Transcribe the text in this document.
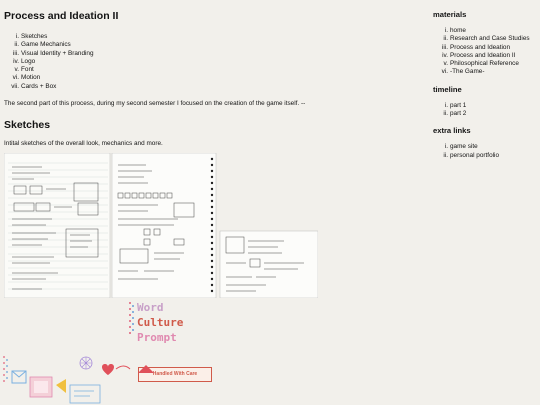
Process and Ideation II
i. Sketches
ii. Game Mechanics
iii. Visual Identity + Branding
iv. Logo
v. Font
vi. Motion
vii. Cards + Box

The second part of this process, during my second semester I focused on the creation of the game itself. --

Sketches

Intital sketches of the overall look, mechanics and more.

Word
Culture
Prompt
Handled With Care
materials
i. home
ii. Research and Case Studies
iii. Process and Ideation
iv. Process and Ideation II
v. Philosophical Reference
vi. -The Game-
timeline
i. part 1
ii. part 2
extra links
i. game site
ii. personal portfolio
